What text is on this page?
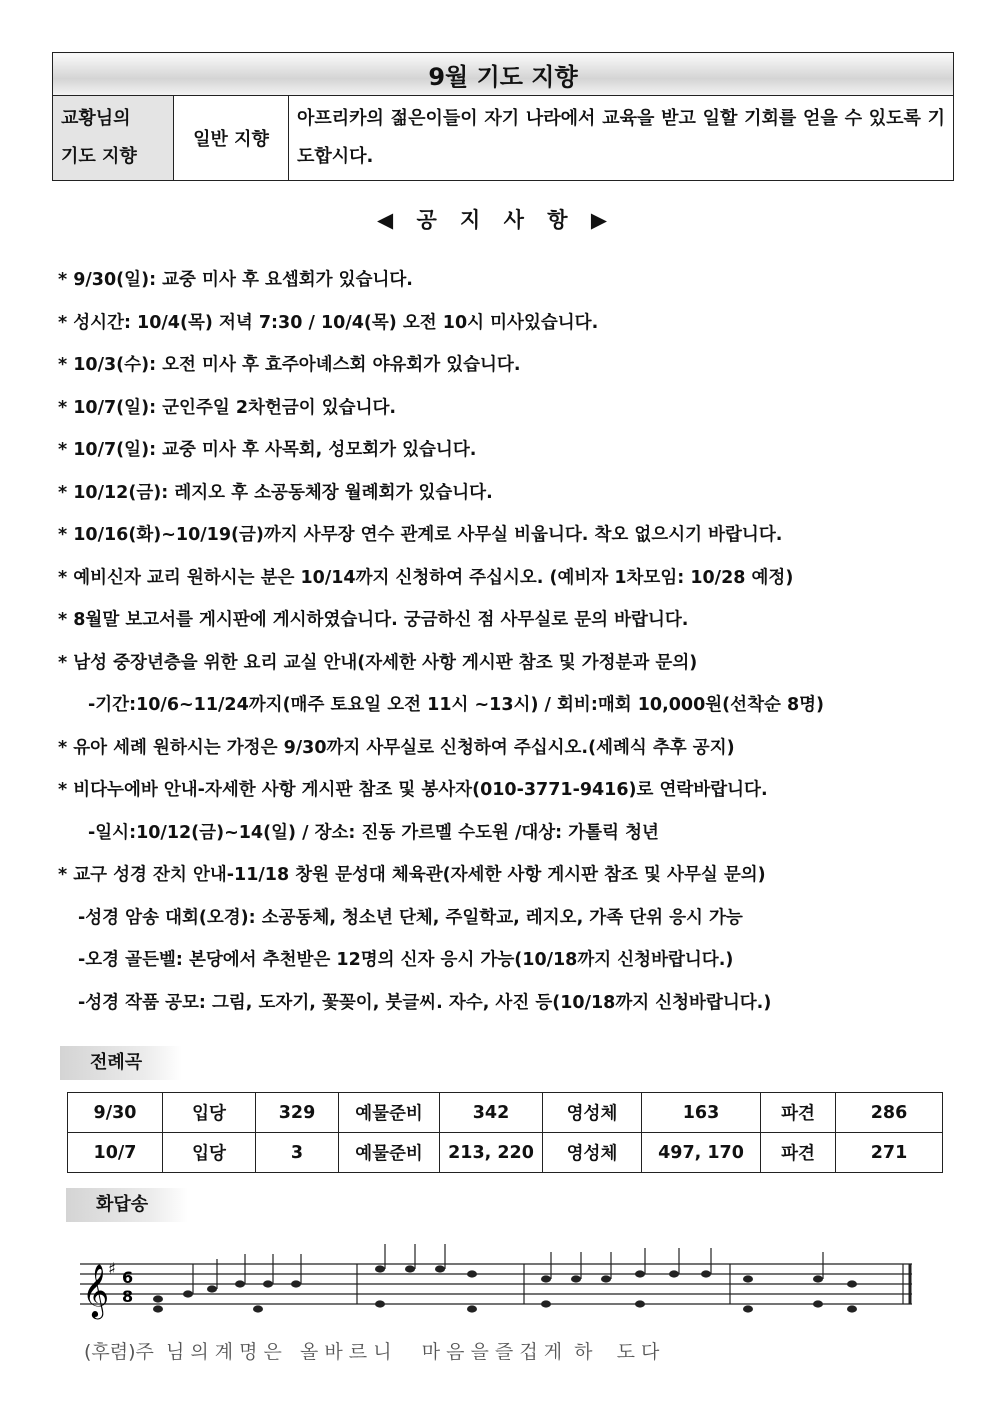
9월 기도 지향

교황님의
기도 지향
	일반 지향	아프리카의 젊은이들이 자기 나라에서 교육을 받고 일할 기회를 얻을 수 있도록 기도합시다.
◀ 공 지 사 항 ▶
* 9/30(일): 교중 미사 후 요셉회가 있습니다.
* 성시간: 10/4(목) 저녁 7:30 / 10/4(목) 오전 10시 미사있습니다.
* 10/3(수): 오전 미사 후 효주아녜스회 야유회가 있습니다.
* 10/7(일): 군인주일 2차헌금이 있습니다.
* 10/7(일): 교중 미사 후 사목회, 성모회가 있습니다.
* 10/12(금): 레지오 후 소공동체장 월례회가 있습니다.
* 10/16(화)~10/19(금)까지 사무장 연수 관계로 사무실 비웁니다. 착오 없으시기 바랍니다.
* 예비신자 교리 원하시는 분은 10/14까지 신청하여 주십시오. (예비자 1차모임: 10/28 예정)
* 8월말 보고서를 게시판에 게시하였습니다. 궁금하신 점 사무실로 문의 바랍니다.
* 남성 중장년층을 위한 요리 교실 안내(자세한 사항 게시판 참조 및 가정분과 문의)
-기간:10/6~11/24까지(매주 토요일 오전 11시 ~13시) / 회비:매회 10,000원(선착순 8명)
* 유아 세례 원하시는 가정은 9/30까지 사무실로 신청하여 주십시오.(세례식 추후 공지)
* 비다누에바 안내-자세한 사항 게시판 참조 및 봉사자(010-3771-9416)로 연락바랍니다.
-일시:10/12(금)~14(일) / 장소: 진동 가르멜 수도원 /대상: 가톨릭 청년
* 교구 성경 잔치 안내-11/18 창원 문성대 체육관(자세한 사항 게시판 참조 및 사무실 문의)
-성경 암송 대회(오경): 소공동체, 청소년 단체, 주일학교, 레지오, 가족 단위 응시 가능
-오경 골든벨: 본당에서 추천받은 12명의 신자 응시 가능(10/18까지 신청바랍니다.)
-성경 작품 공모: 그림, 도자기, 꽃꽂이, 붓글씨. 자수, 사진 등(10/18까지 신청바랍니다.)
전례곡
9/30	입당	329	예물준비	342	영성체	163	파견	286
10/7	입당	3	예물준비	213, 220	영성체	497, 170	파견	271
화답송
𝄞
♯ 6
8
(후렴)주  님 의 계 명 은   올 바 르 니     마 음 을 즐 겁 게  하    도 다
